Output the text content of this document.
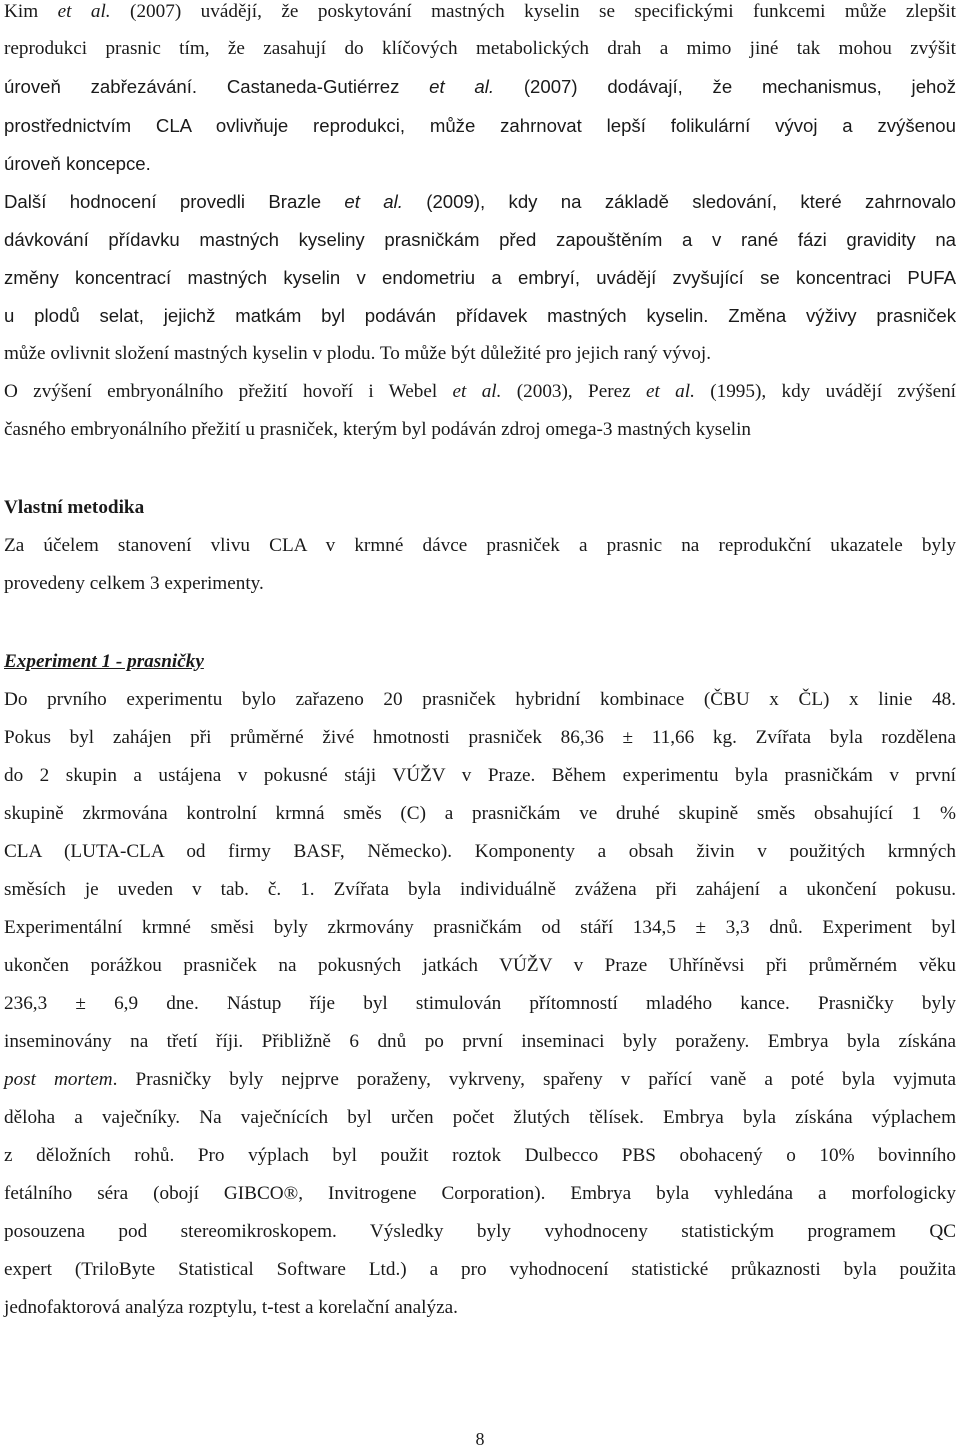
Kim et al. (2007) uvádějí, že poskytování mastných kyselin se specifickými funkcemi může zlepšit
reprodukci prasnic tím, že zasahují do klíčových metabolických drah a mimo jiné tak mohou zvýšit
úroveň zabřezávání. Castaneda-Gutiérrez et al. (2007) dodávají, že mechanismus, jehož
prostřednictvím CLA ovlivňuje reprodukci, může zahrnovat lepší folikulární vývoj a zvýšenou
úroveň koncepce.
Další hodnocení provedli Brazle et al. (2009), kdy na základě sledování, které zahrnovalo
dávkování přídavku mastných kyseliny prasničkám před zapouštěním a v rané fázi gravidity na
změny koncentrací mastných kyselin v endometriu a embryí, uvádějí zvyšující se koncentraci PUFA
u plodů selat, jejichž matkám byl podáván přídavek mastných kyselin. Změna výživy prasniček
může ovlivnit složení mastných kyselin v plodu. To může být důležité pro jejich raný vývoj.
O zvýšení embryonálního přežití hovoří i Webel et al. (2003), Perez et al. (1995), kdy uvádějí zvýšení
časného embryonálního přežití u prasniček, kterým byl podáván zdroj omega-3 mastných kyselin
Vlastní metodika
Za účelem stanovení vlivu CLA v krmné dávce prasniček a prasnic na reprodukční ukazatele byly
provedeny celkem 3 experimenty.
Experiment 1 - prasničky
Do prvního experimentu bylo zařazeno 20 prasniček hybridní kombinace (ČBU x ČL) x linie 48.
Pokus byl zahájen při průměrné živé hmotnosti prasniček 86,36 ± 11,66 kg. Zvířata byla rozdělena
do 2 skupin a ustájena v pokusné stáji VÚŽV v Praze. Během experimentu byla prasničkám v první
skupině zkrmována kontrolní krmná směs (C) a prasničkám ve druhé skupině směs obsahující 1 %
CLA (LUTA-CLA od firmy BASF, Německo). Komponenty a obsah živin v použitých krmných
směsích je uveden v tab. č. 1. Zvířata byla individuálně zvážena při zahájení a ukončení pokusu.
Experimentální krmné směsi byly zkrmovány prasničkám od stáří 134,5 ± 3,3 dnů. Experiment byl
ukončen porážkou prasniček na pokusných jatkách VÚŽV v Praze Uhříněvsi při průměrném věku
236,3 ± 6,9 dne. Nástup říje byl stimulován přítomností mladého kance. Prasničky byly
inseminovány na třetí říji. Přibližně 6 dnů po první inseminaci byly poraženy. Embrya byla získána
post mortem. Prasničky byly nejprve poraženy, vykrveny, spařeny v pařící vaně a poté byla vyjmuta
děloha a vaječníky. Na vaječnících byl určen počet žlutých tělísek. Embrya byla získána výplachem
z děložních rohů. Pro výplach byl použit roztok Dulbecco PBS obohacený o 10% bovinního
fetálního séra (obojí GIBCO®, Invitrogene Corporation). Embrya byla vyhledána a morfologicky
posouzena pod stereomikroskopem. Výsledky byly vyhodnoceny statistickým programem QC
expert (TriloByte Statistical Software Ltd.) a pro vyhodnocení statistické průkaznosti byla použita
jednofaktorová analýza rozptylu, t-test a korelační analýza.
8
